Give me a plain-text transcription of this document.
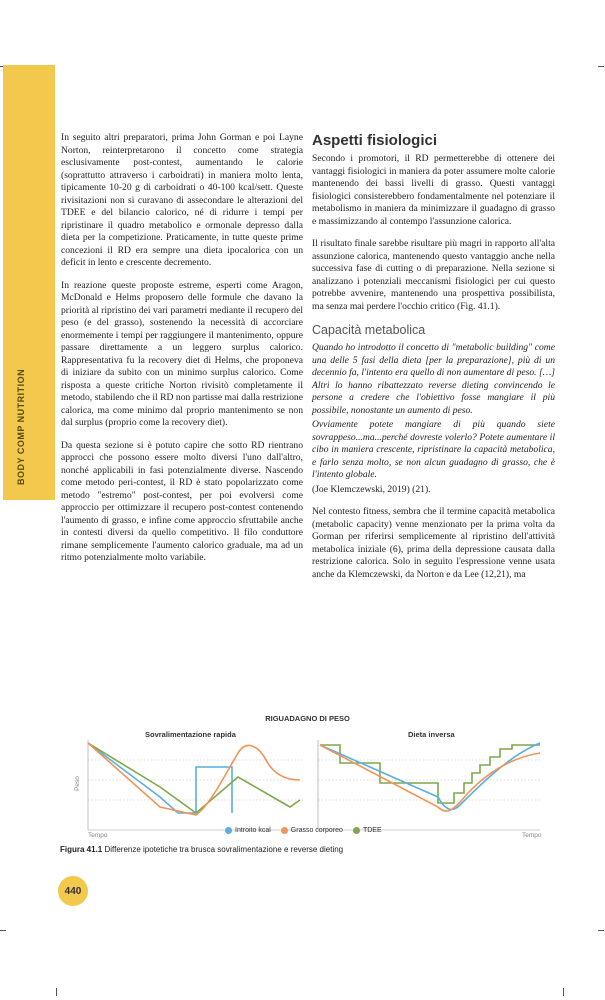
BODY COMP NUTRITION

In seguito altri preparatori, prima John Gorman e poi Layne Norton, reinterpretarono il concetto come strategia esclusivamente post-contest, aumentando le calorie (soprattutto attraverso i carboidrati) in maniera molto lenta, tipicamente 10-20 g di carboidrati o 40-100 kcal/sett. Queste rivisitazioni non si curavano di assecondare le alterazioni del TDEE e del bilancio calorico, né di ridurre i tempi per ripristinare il quadro metabolico e ormonale depresso dalla dieta per la competizione. Praticamente, in tutte queste prime concezioni il RD era sempre una dieta ipocalorica con un deficit in lento e crescente decremento.

In reazione queste proposte estreme, esperti come Aragon, McDonald e Helms proposero delle formule che davano la priorità al ripristino dei vari parametri mediante il recupero del peso (e del grasso), sostenendo la necessità di accorciare enormemente i tempi per raggiungere il mantenimento, oppure passare direttamente a un leggero surplus calorico. Rappresentativa fu la recovery diet di Helms, che proponeva di iniziare da subito con un minimo surplus calorico. Come risposta a queste critiche Norton rivisitò completamente il metodo, stabilendo che il RD non partisse mai dalla restrizione calorica, ma come minimo dal proprio mantenimento se non dal surplus (proprio come la recovery diet).

Da questa sezione si è potuto capire che sotto RD rientrano approcci che possono essere molto diversi l'uno dall'altro, nonché applicabili in fasi potenzialmente diverse. Nascendo come metodo peri-contest, il RD è stato popolarizzato come metodo "estremo" post-contest, per poi evolversi come approccio per ottimizzare il recupero post-contest contenendo l'aumento di grasso, e infine come approccio sfruttabile anche in contesti diversi da quello competitivo. Il filo conduttore rimane semplicemente l'aumento calorico graduale, ma ad un ritmo potenzialmente molto variabile.

Aspetti fisiologici

Secondo i promotori, il RD permetterebbe di ottenere dei vantaggi fisiologici in maniera da poter assumere molte calorie mantenendo dei bassi livelli di grasso. Questi vantaggi fisiologici consisterebbero fondamentalmente nel potenziare il metabolismo in maniera da minimizzare il guadagno di grasso e massimizzando al contempo l'assunzione calorica.

Il risultato finale sarebbe risultare più magri in rapporto all'alta assunzione calorica, mantenendo questo vantaggio anche nella successiva fase di cutting o di preparazione. Nella sezione si analizzano i potenziali meccanismi fisiologici per cui questo potrebbe avvenire, mantenendo una prospettiva possibilista, ma senza mai perdere l'occhio critico (Fig. 41.1).

Capacità metabolica

Quando ho introdotto il concetto di "metabolic building" come una delle 5 fasi della dieta [per la preparazione], più di un decennio fa, l'intento era quello di non aumentare di peso. […] Altri lo hanno ribattezzato reverse dieting convincendo le persone a credere che l'obiettivo fosse mangiare il più possibile, nonostante un aumento di peso.

Ovviamente potete mangiare di più quando siete sovrappeso...ma...perché dovreste volerlo? Potete aumentare il cibo in maniera crescente, ripristinare la capacità metabolica, e farlo senza molto, se non alcun guadagno di grasso, che è l'intento globale.

(Joe Klemczewski, 2019) (21).

Nel contesto fitness, sembra che il termine capacità metabolica (metabolic capacity) venne menzionato per la prima volta da Gorman per riferirsi semplicemente al ripristino dell'attività metabolica iniziale (6), prima della depressione causata dalla restrizione calorica. Solo in seguito l'espressione venne usata anche da Klemczewski, da Norton e da Lee (12,21), ma

RIGUADAGNO DI PESO
Sovralimentazione rapida	Dieta inversa
Peso
Tempo	Tempo
Introito kcal	Grasso corporeo	TDEE
Figura 41.1 Differenze ipotetiche tra brusca sovralimentazione e reverse dieting
440
